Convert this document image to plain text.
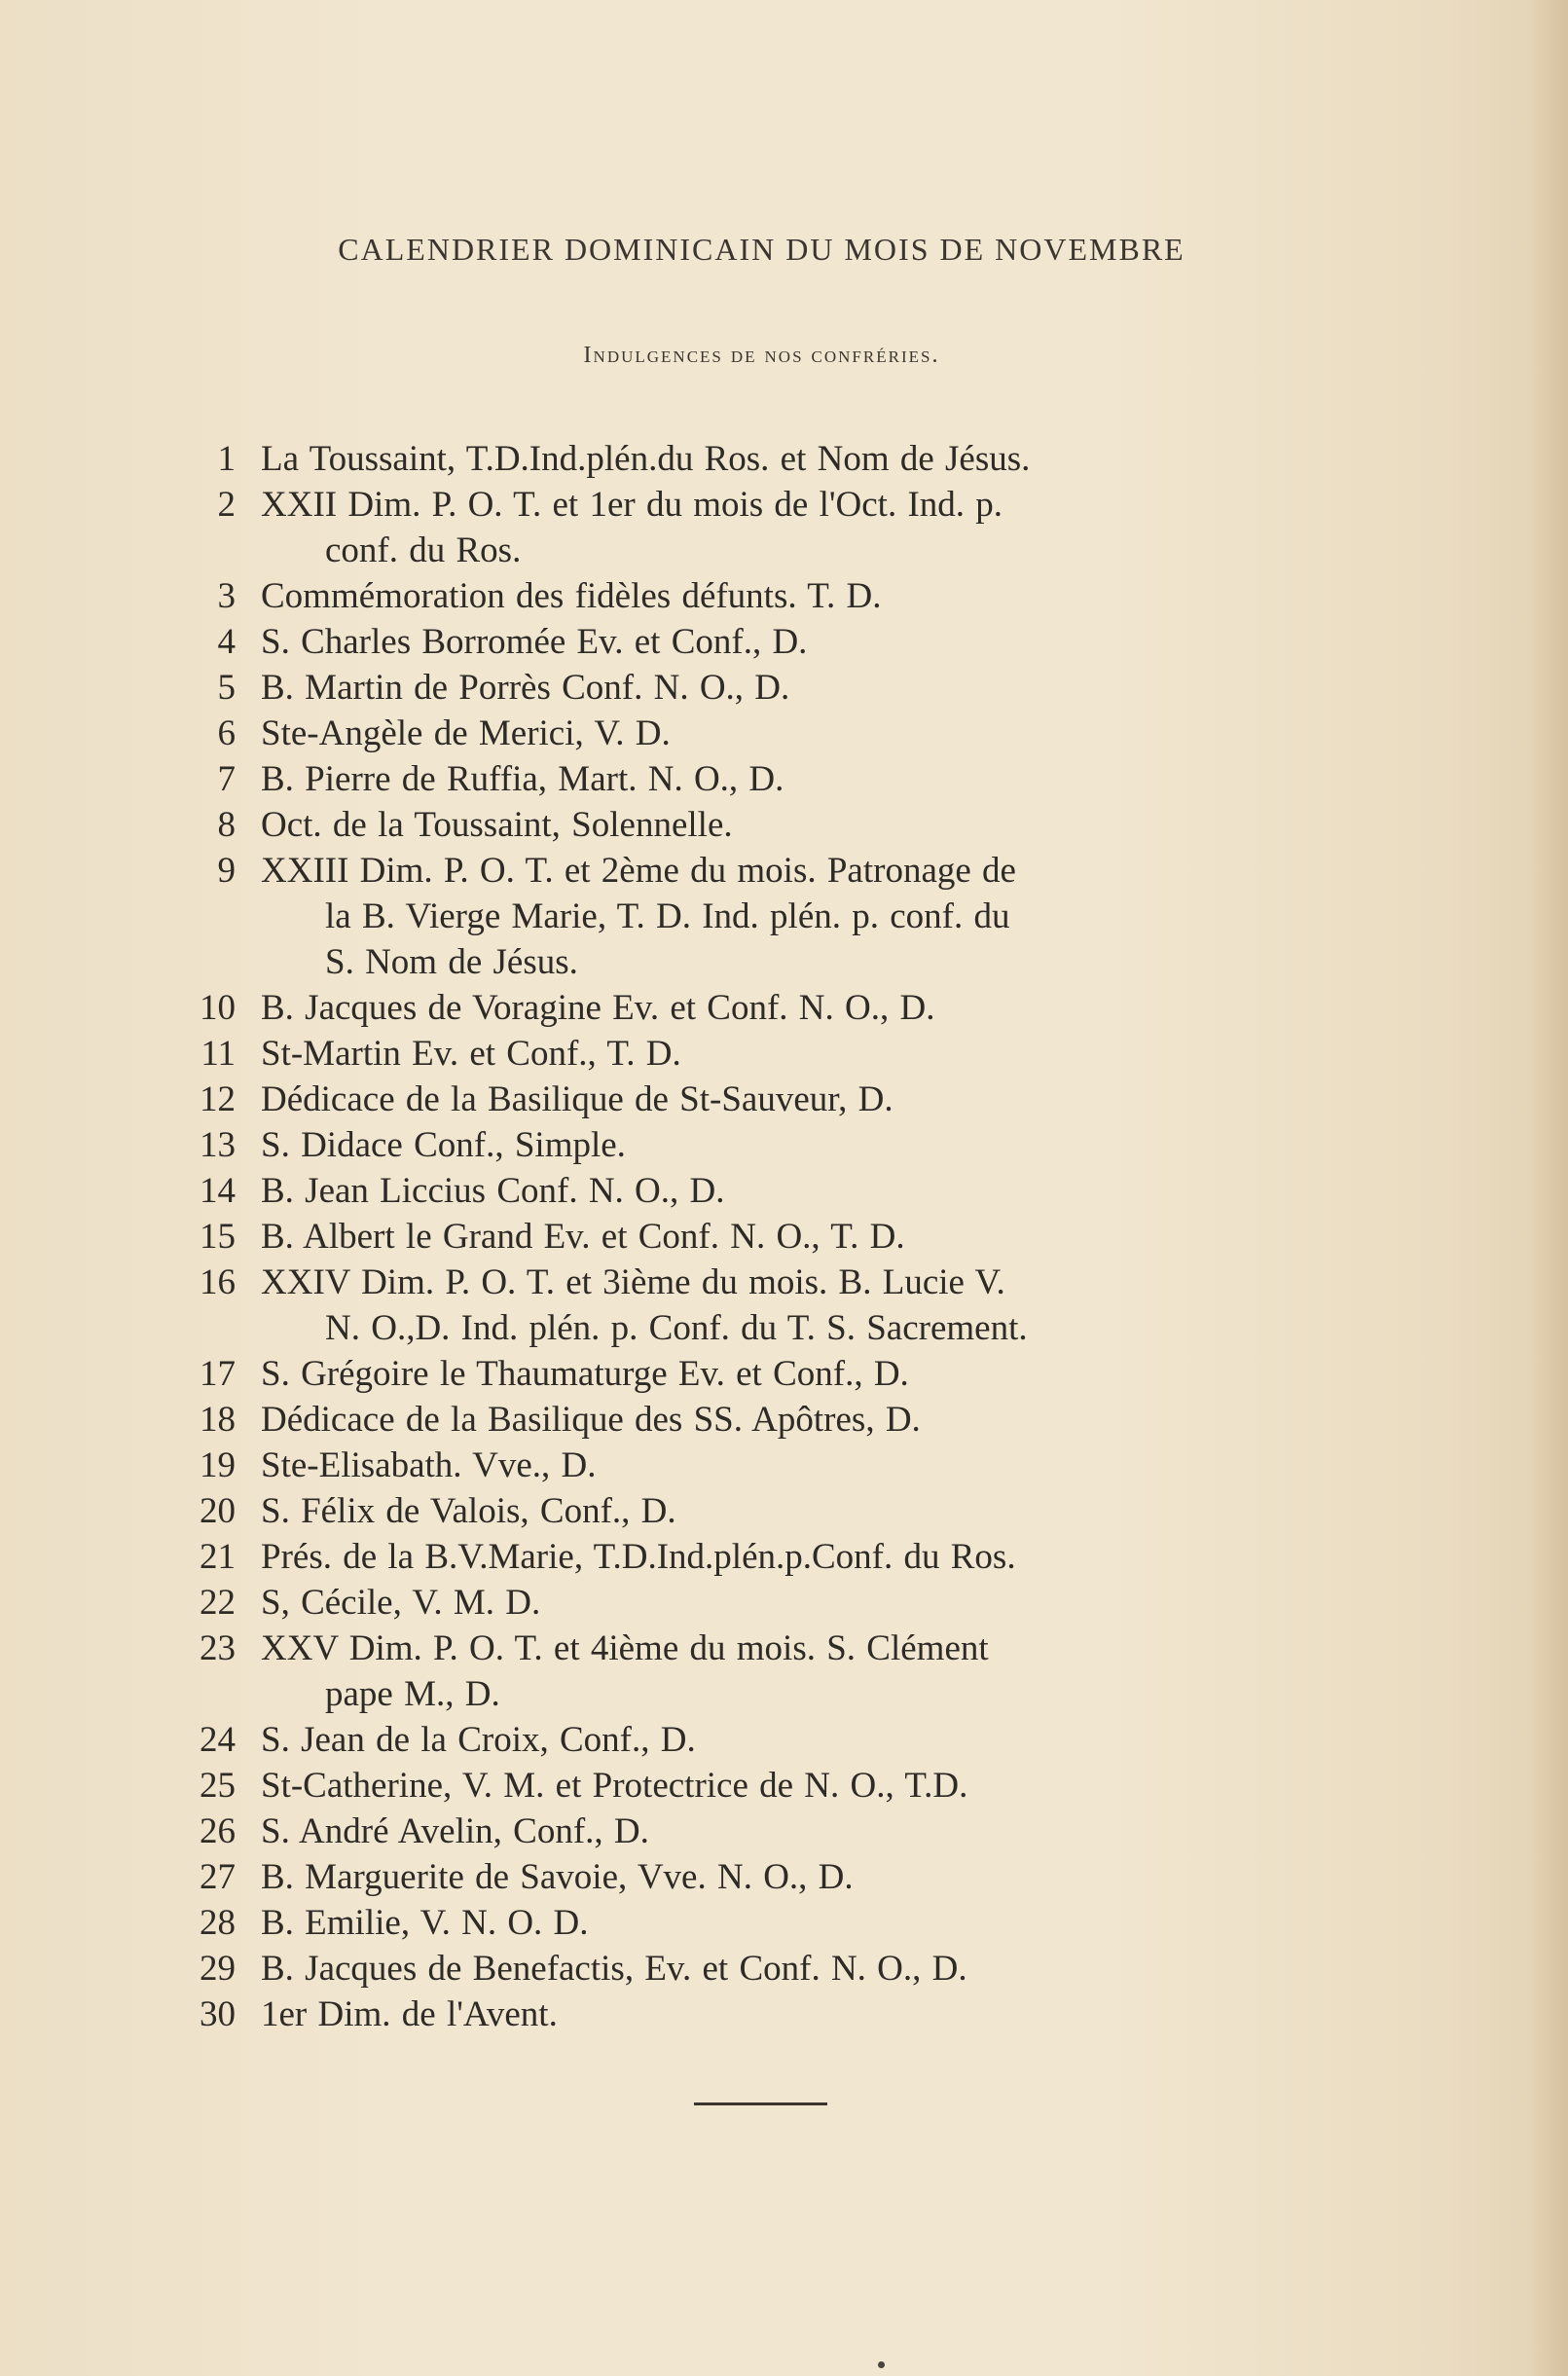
CALENDRIER DOMINICAIN DU MOIS DE NOVEMBRE
Indulgences de nos confréries.
1 La Toussaint, T.D.Ind.plén.du Ros. et Nom de Jésus.
2 XXII Dim. P. O. T. et 1er du mois de l'Oct. Ind. p.
conf. du Ros.
3 Commémoration des fidèles défunts. T. D.
4 S. Charles Borromée Ev. et Conf., D.
5 B. Martin de Porrès Conf. N. O., D.
6 Ste-Angèle de Merici, V. D.
7 B. Pierre de Ruffia, Mart. N. O., D.
8 Oct. de la Toussaint, Solennelle.
9 XXIII Dim. P. O. T. et 2ème du mois. Patronage de
la B. Vierge Marie, T. D. Ind. plén. p. conf. du
S. Nom de Jésus.
10 B. Jacques de Voragine Ev. et Conf. N. O., D.
11 St-Martin Ev. et Conf., T. D.
12 Dédicace de la Basilique de St-Sauveur, D.
13 S. Didace Conf., Simple.
14 B. Jean Liccius Conf. N. O., D.
15 B. Albert le Grand Ev. et Conf. N. O., T. D.
16 XXIV Dim. P. O. T. et 3ième du mois. B. Lucie V.
N. O.,D. Ind. plén. p. Conf. du T. S. Sacrement.
17 S. Grégoire le Thaumaturge Ev. et Conf., D.
18 Dédicace de la Basilique des SS. Apôtres, D.
19 Ste-Elisabath. Vve., D.
20 S. Félix de Valois, Conf., D.
21 Prés. de la B.V.Marie, T.D.Ind.plén.p.Conf. du Ros.
22 S, Cécile, V. M. D.
23 XXV Dim. P. O. T. et 4ième du mois. S. Clément
pape M., D.
24 S. Jean de la Croix, Conf., D.
25 St-Catherine, V. M. et Protectrice de N. O., T.D.
26 S. André Avelin, Conf., D.
27 B. Marguerite de Savoie, Vve. N. O., D.
28 B. Emilie, V. N. O. D.
29 B. Jacques de Benefactis, Ev. et Conf. N. O., D.
30 1er Dim. de l'Avent.
